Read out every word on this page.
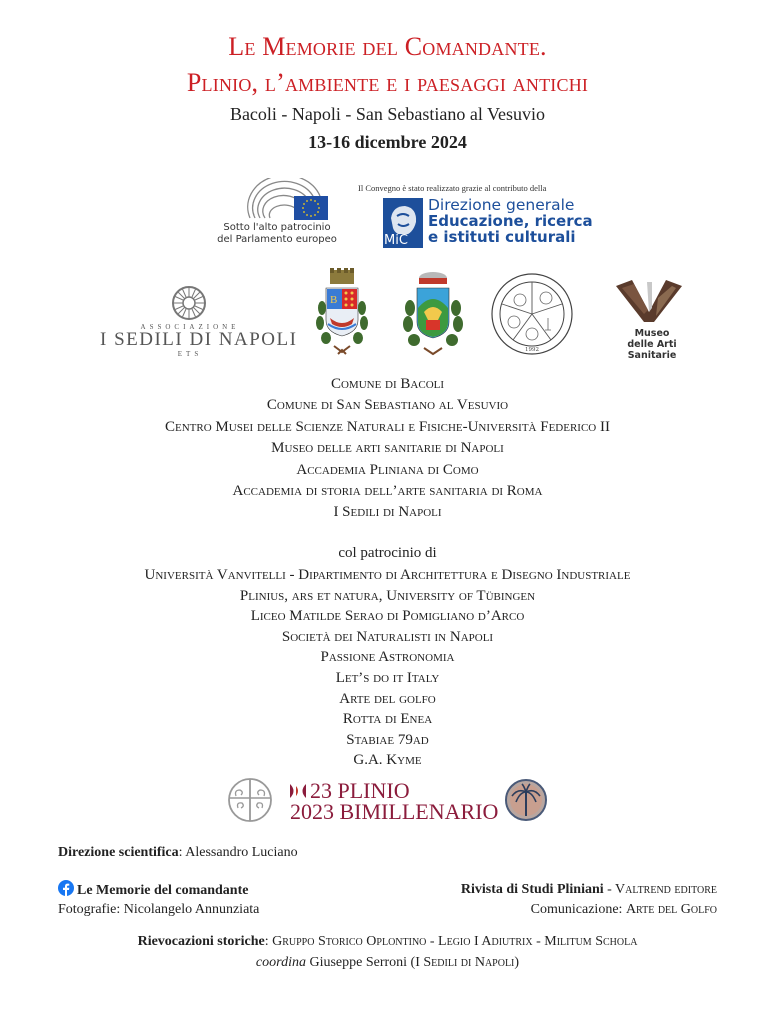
Le Memorie del Comandante.
Plinio, l’ambiente e i paesaggi antichi
Bacoli - Napoli - San Sebastiano al Vesuvio
13-16 dicembre 2024
Sotto l'alto patrocinio
del Parlamento europeo
Il Convegno è stato realizzato grazie al contributo della
MiC
Direzione generale
Educazione, ricerca
e istituti culturali
ASSOCIAZIONE
I SEDILI DI NAPOLI
ETS
B
1992
Museo
delle Arti Sanitarie
Comune di Bacoli
Comune di San Sebastiano al Vesuvio
Centro Musei delle Scienze Naturali e Fisiche-Università Federico II
Museo delle arti sanitarie di Napoli
Accademia Pliniana di Como
Accademia di storia dell’arte sanitaria di Roma
I Sedili di Napoli
col patrocinio di
Università Vanvitelli - Dipartimento di Architettura e Disegno Industriale
Plinius, ars et natura, University of Tübingen
Liceo Matilde Serao di Pomigliano d’Arco
Società dei Naturalisti in Napoli
Passione Astronomia
Let’s do it Italy
Arte del golfo
Rotta di Enea
Stabiae 79ad
G.A. Kyme
23 PLINIO
2023 BIMILLENARIO
Direzione scientifica: Alessandro Luciano
Le Memorie del comandante
Fotografie: Nicolangelo Annunziata
Rivista di Studi Pliniani - Valtrend editore
Comunicazione: Arte del Golfo
Rievocazioni storiche: Gruppo Storico Oplontino - Legio I Adiutrix - Militum Schola
coordina Giuseppe Serroni (I Sedili di Napoli)
